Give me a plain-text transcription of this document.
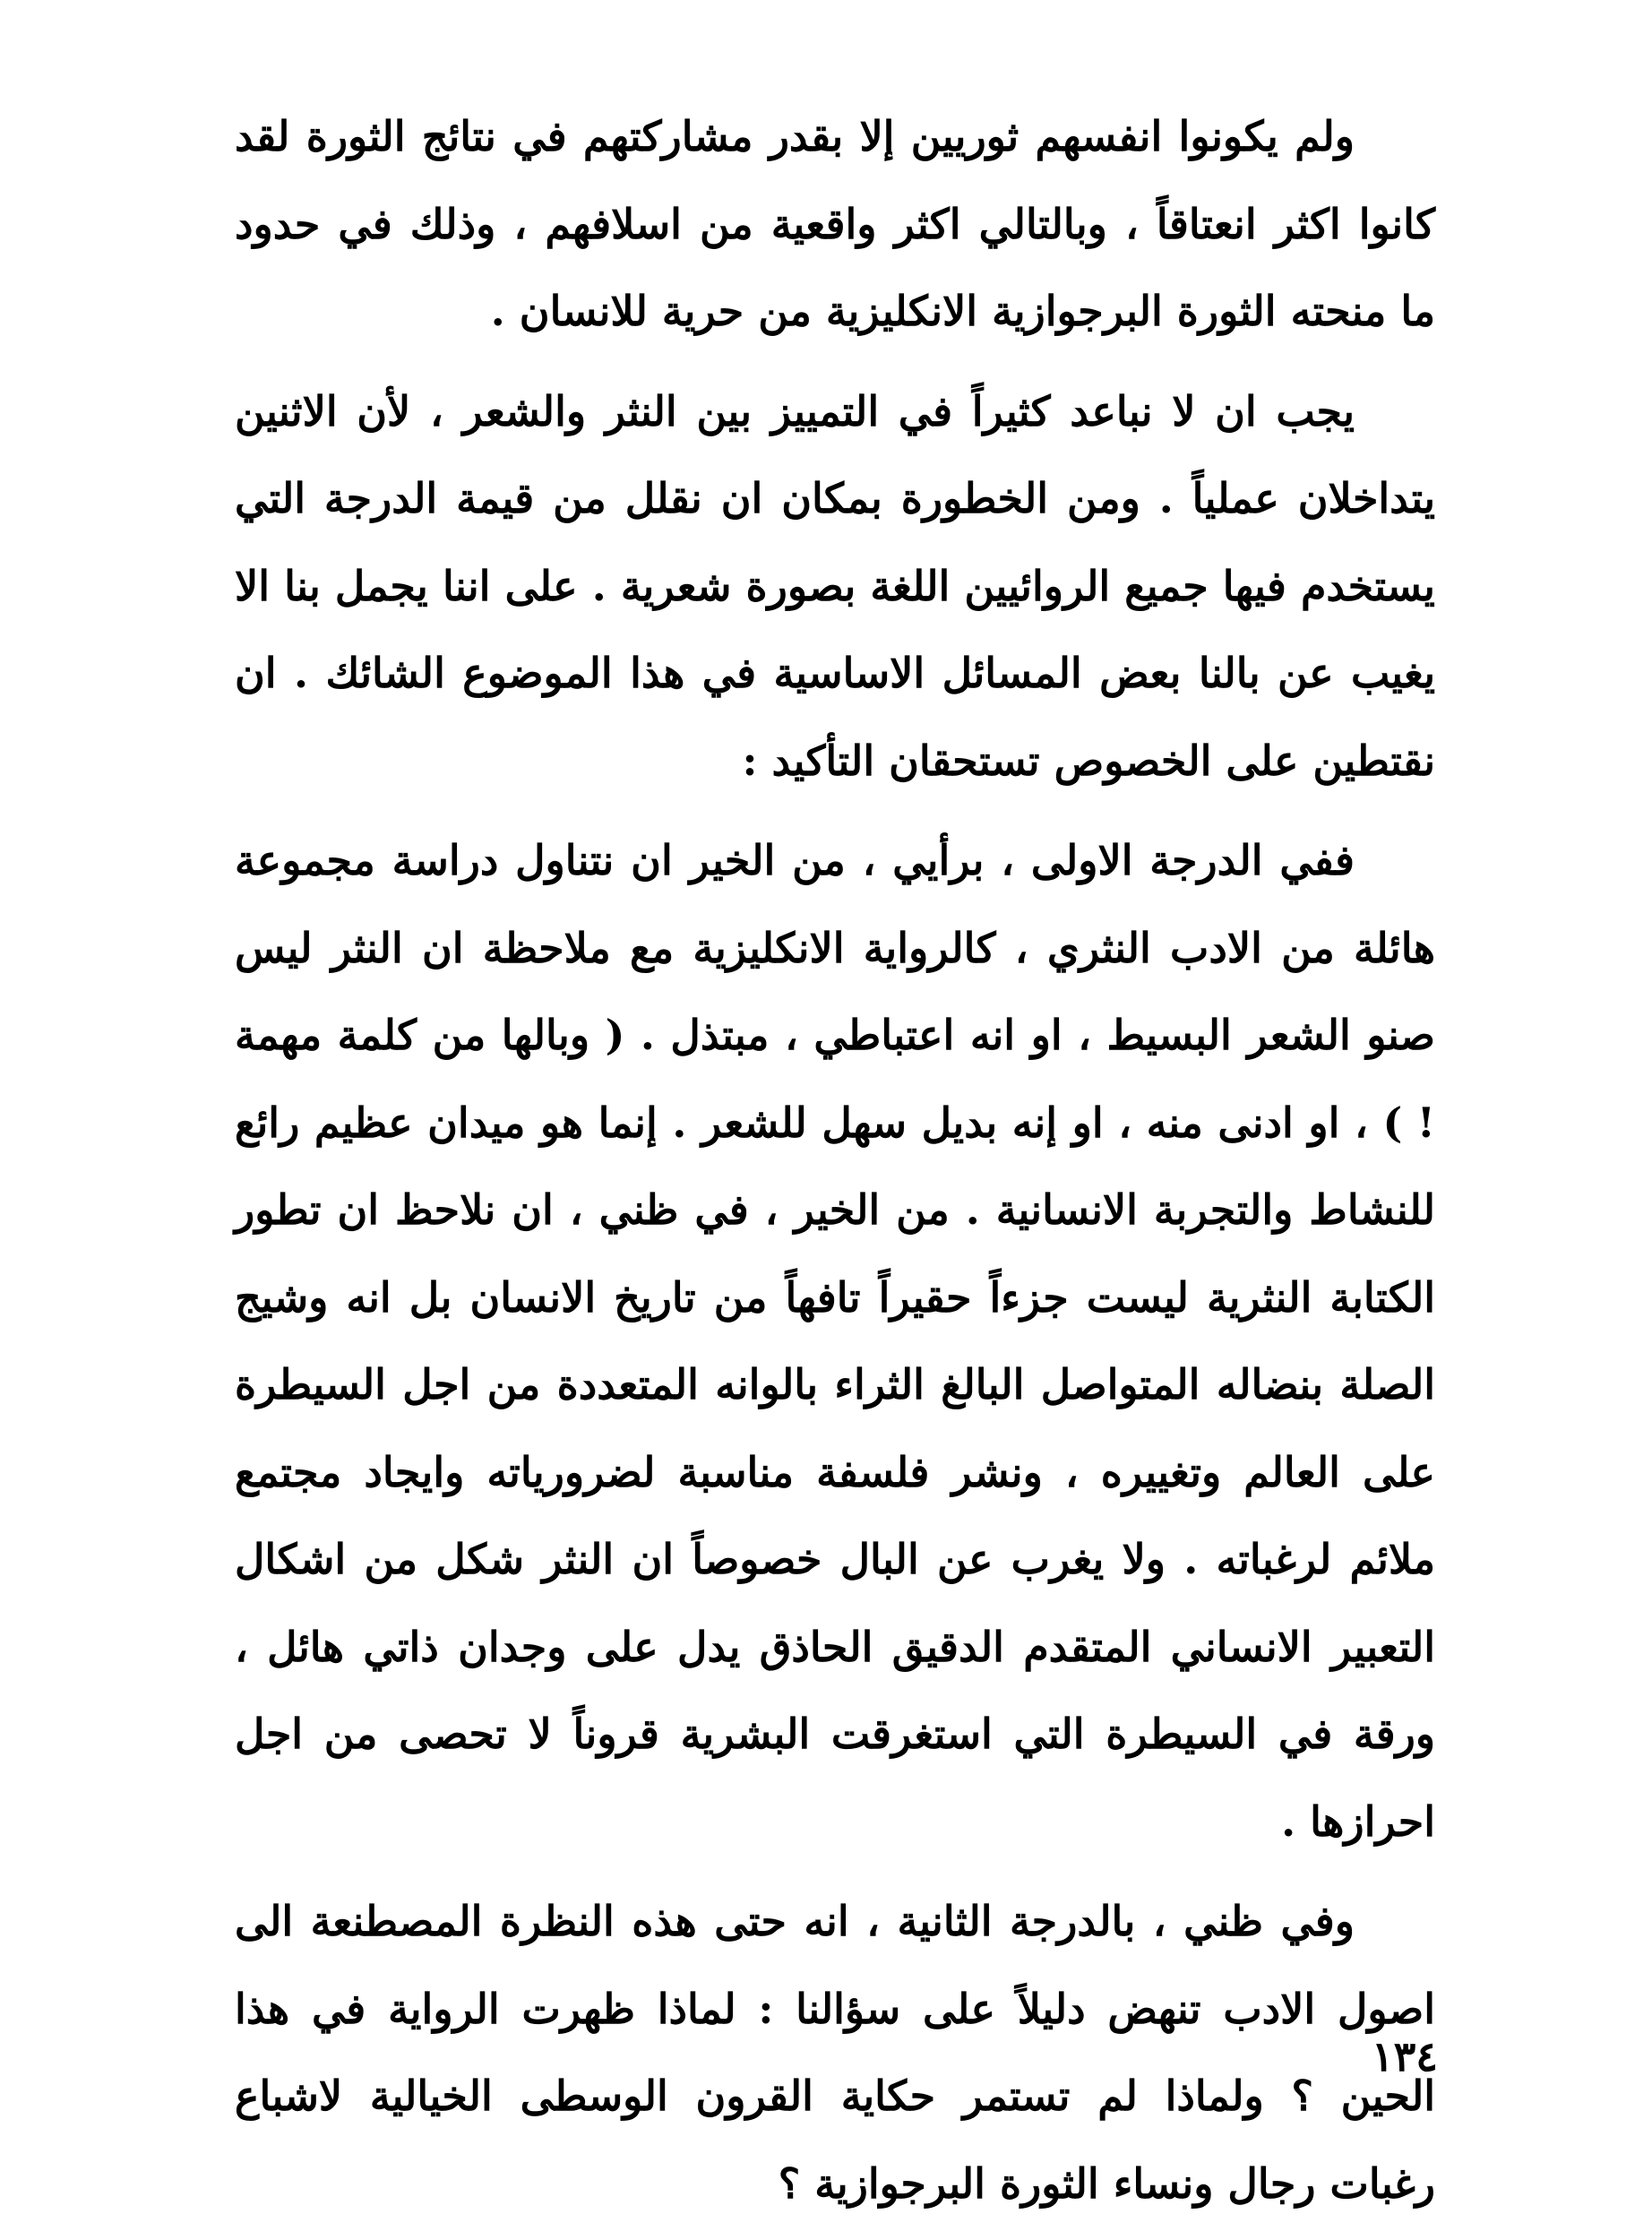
ولم يكونوا انفسهم ثوريين إلا بقدر مشاركتهم في نتائج الثورة لقد كانوا اكثر انعتاقاً ، وبالتالي اكثر واقعية من اسلافهم ، وذلك في حدود ما منحته الثورة البرجوازية الانكليزية من حرية للانسان .

يجب ان لا نباعد كثيراً في التمييز بين النثر والشعر ، لأن الاثنين يتداخلان عملياً . ومن الخطورة بمكان ان نقلل من قيمة الدرجة التي يستخدم فيها جميع الروائيين اللغة بصورة شعرية . على اننا يجمل بنا الا يغيب عن بالنا بعض المسائل الاساسية في هذا الموضوع الشائك . ان نقتطين على الخصوص تستحقان التأكيد :

ففي الدرجة الاولى ، برأيي ، من الخير ان نتناول دراسة مجموعة هائلة من الادب النثري ، كالرواية الانكليزية مع ملاحظة ان النثر ليس صنو الشعر البسيط ، او انه اعتباطي ، مبتذل . ( وبالها من كلمة مهمة ! ) ، او ادنى منه ، او إنه بديل سهل للشعر . إنما هو ميدان عظيم رائع للنشاط والتجربة الانسانية . من الخير ، في ظني ، ان نلاحظ ان تطور الكتابة النثرية ليست جزءاً حقيراً تافهاً من تاريخ الانسان بل انه وشيج الصلة بنضاله المتواصل البالغ الثراء بالوانه المتعددة من اجل السيطرة على العالم وتغييره ، ونشر فلسفة مناسبة لضرورياته وايجاد مجتمع ملائم لرغباته . ولا يغرب عن البال خصوصاً ان النثر شكل من اشكال التعبير الانساني المتقدم الدقيق الحاذق يدل على وجدان ذاتي هائل ، ورقة في السيطرة التي استغرقت البشرية قروناً لا تحصى من اجل احرازها .

وفي ظني ، بالدرجة الثانية ، انه حتى هذه النظرة المصطنعة الى اصول الادب تنهض دليلاً على سؤالنا : لماذا ظهرت الرواية في هذا الحين ؟ ولماذا لم تستمر حكاية القرون الوسطى الخيالية لاشباع رغبات رجال ونساء الثورة البرجوازية ؟

١٣٤
